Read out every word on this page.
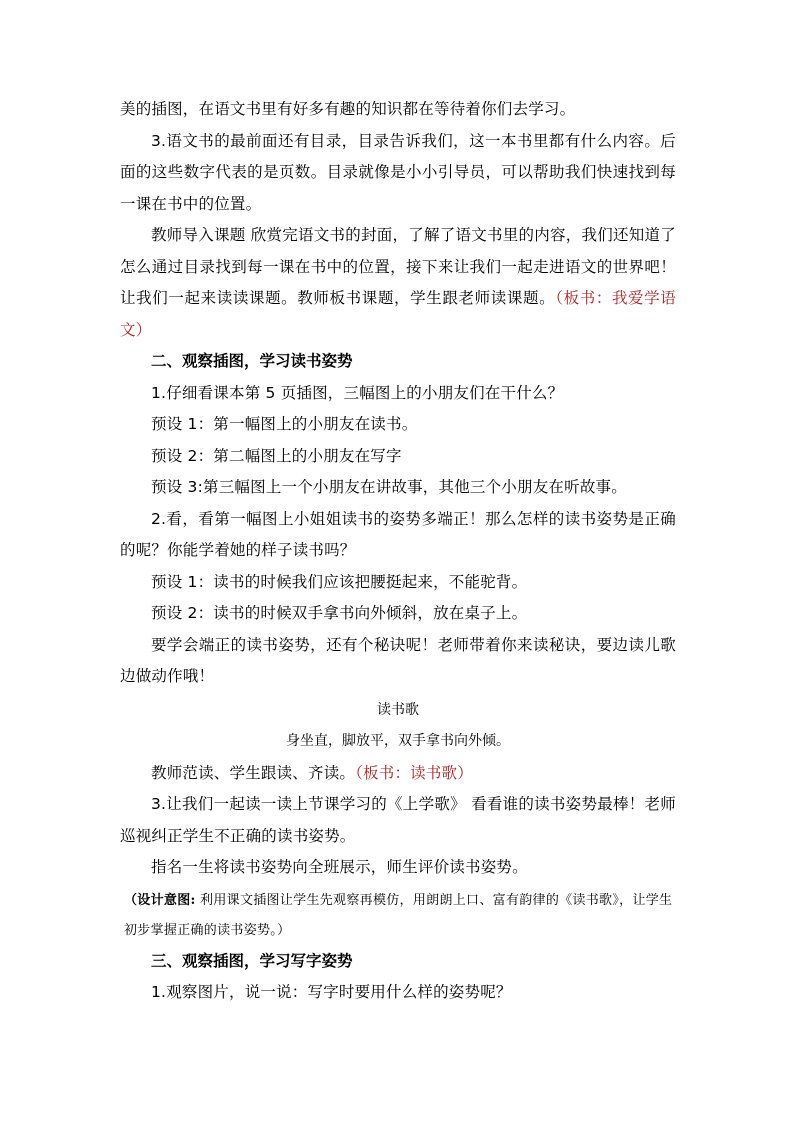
美的插图，在语文书里有好多有趣的知识都在等待着你们去学习。

3.语文书的最前面还有目录，目录告诉我们，这一本书里都有什么内容。后面的这些数字代表的是页数。目录就像是小小引导员，可以帮助我们快速找到每一课在书中的位置。

教师导入课题 欣赏完语文书的封面，了解了语文书里的内容，我们还知道了怎么通过目录找到每一课在书中的位置，接下来让我们一起走进语文的世界吧！让我们一起来读读课题。教师板书课题，学生跟老师读课题。（板书：我爱学语文）

二、观察插图，学习读书姿势

1.仔细看课本第 5 页插图，三幅图上的小朋友们在干什么？

预设 1：第一幅图上的小朋友在读书。

预设 2：第二幅图上的小朋友在写字

预设 3:第三幅图上一个小朋友在讲故事，其他三个小朋友在听故事。

2.看，看第一幅图上小姐姐读书的姿势多端正！那么怎样的读书姿势是正确的呢？你能学着她的样子读书吗？

预设 1：读书的时候我们应该把腰挺起来，不能驼背。

预设 2：读书的时候双手拿书向外倾斜，放在桌子上。

要学会端正的读书姿势，还有个秘诀呢！老师带着你来读秘诀，要边读儿歌边做动作哦！

读书歌

身坐直，脚放平，双手拿书向外倾。

教师范读、学生跟读、齐读。（板书：读书歌）

3.让我们一起读一读上节课学习的《上学歌》 看看谁的读书姿势最棒！老师巡视纠正学生不正确的读书姿势。

指名一生将读书姿势向全班展示，师生评价读书姿势。

（设计意图: 利用课文插图让学生先观察再模仿，用朗朗上口、富有韵律的《读书歌》，让学生初步掌握正确的读书姿势。）

三、观察插图，学习写字姿势

1.观察图片，说一说：写字时要用什么样的姿势呢？
